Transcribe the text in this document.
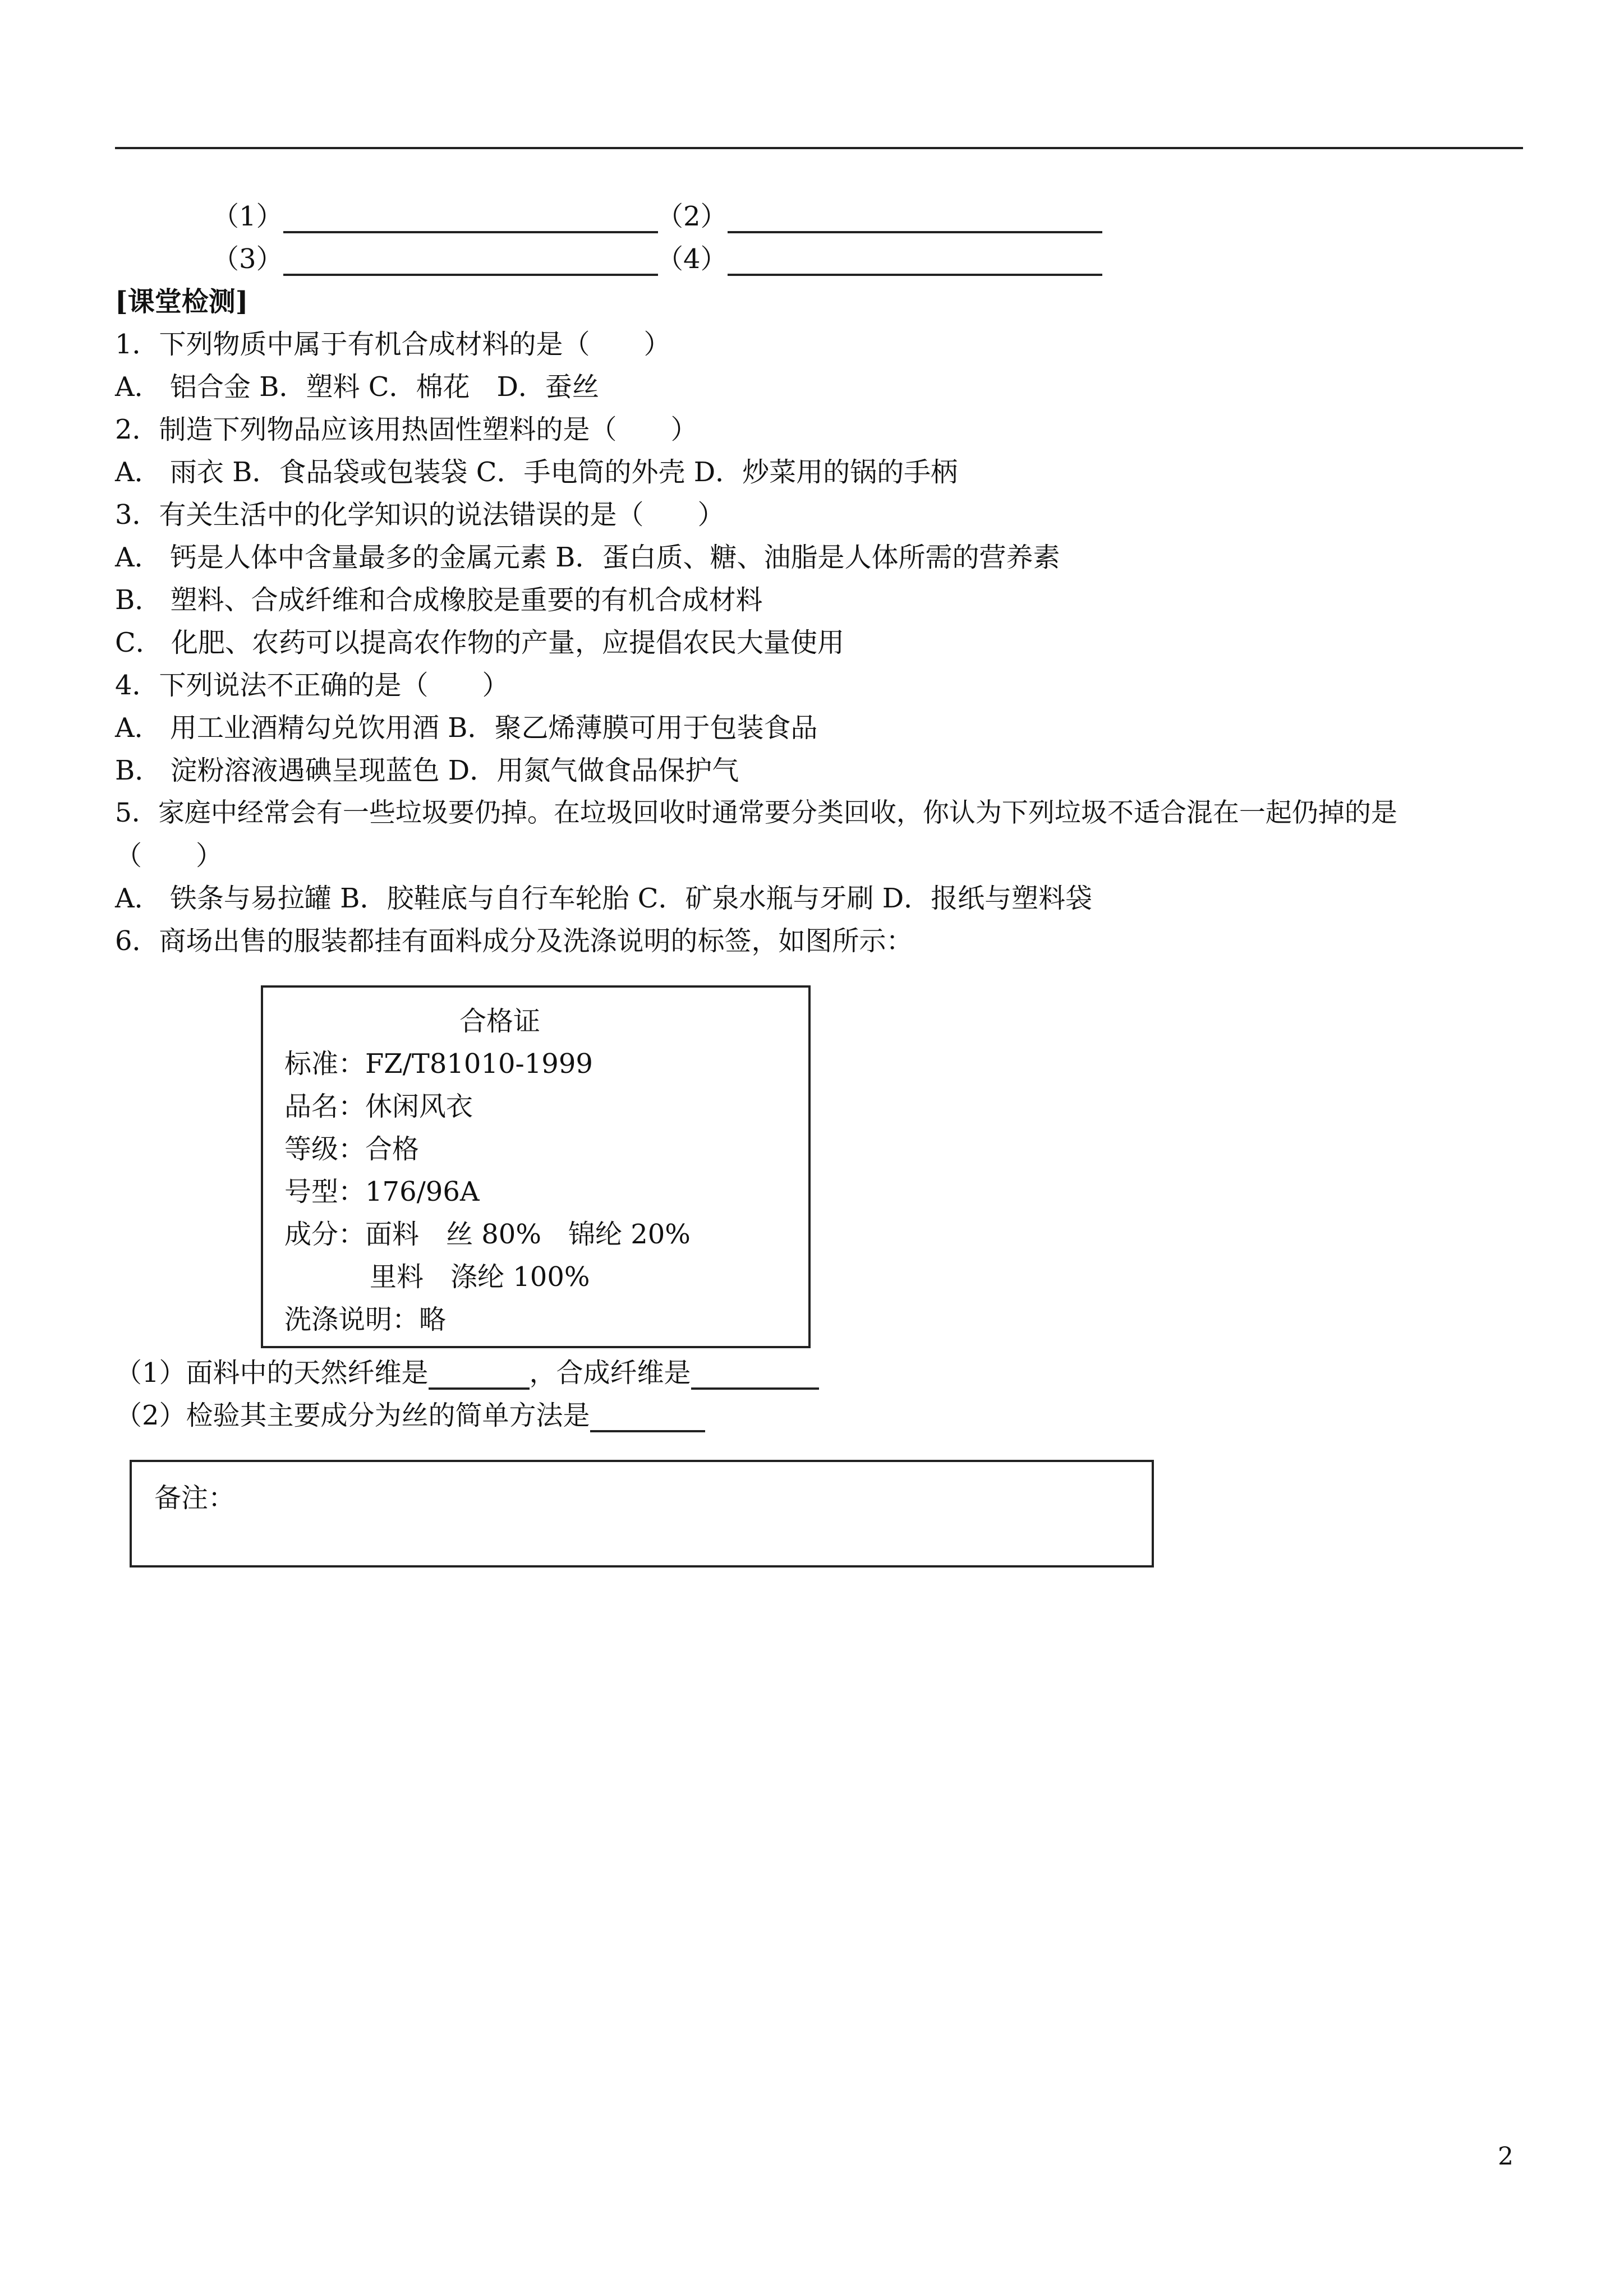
（1）	（2）
（3）	（4）
[课堂检测]
1．下列物质中属于有机合成材料的是（　　）
A． 铝合金 B．塑料 C．棉花　D．蚕丝
2．制造下列物品应该用热固性塑料的是（　　）
A． 雨衣 B．食品袋或包装袋 C．手电筒的外壳 D．炒菜用的锅的手柄
3．有关生活中的化学知识的说法错误的是（　　）
A． 钙是人体中含量最多的金属元素 B．蛋白质、糖、油脂是人体所需的营养素
B． 塑料、合成纤维和合成橡胶是重要的有机合成材料
C． 化肥、农药可以提高农作物的产量，应提倡农民大量使用
4．下列说法不正确的是（　　）
A． 用工业酒精勾兑饮用酒 B．聚乙烯薄膜可用于包装食品
B． 淀粉溶液遇碘呈现蓝色 D．用氮气做食品保护气
5．家庭中经常会有一些垃圾要仍掉。在垃圾回收时通常要分类回收，你认为下列垃圾不适合混在一起仍掉的是
（　　）
A． 铁条与易拉罐 B．胶鞋底与自行车轮胎 C．矿泉水瓶与牙刷 D．报纸与塑料袋
6．商场出售的服装都挂有面料成分及洗涤说明的标签，如图所示：
合格证
标准：FZ/T81010-1999
品名：休闲风衣
等级：合格
号型：176/96A
成分：面料　丝 80%　锦纶 20%
里料　涤纶 100%
洗涤说明：略
（1）面料中的天然纤维是	，合成纤维是
（2）检验其主要成分为丝的简单方法是
备注：
2
